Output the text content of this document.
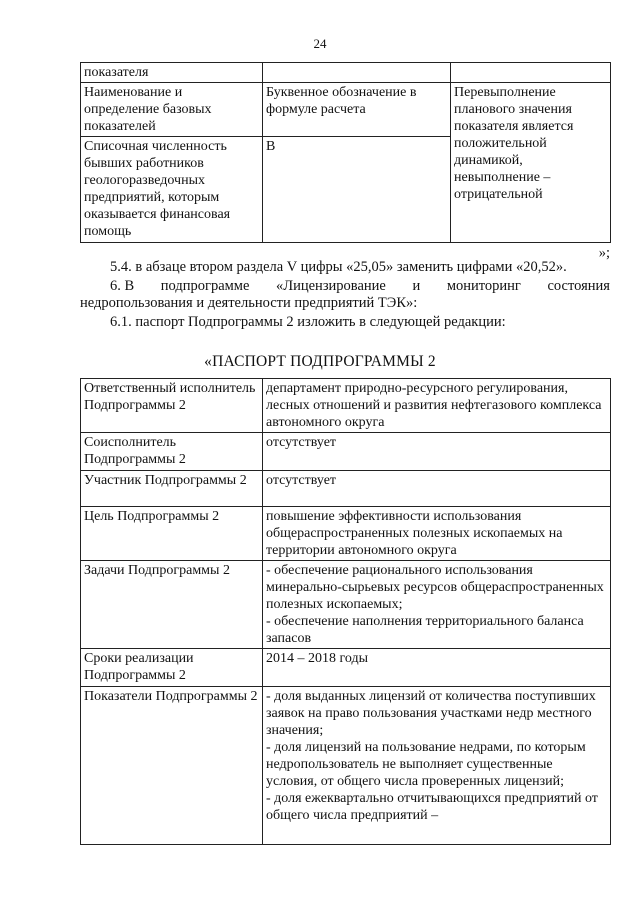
24
показателя		
Наименование и определение базовых показателей	Буквенное обозначение в формуле расчета	Перевыполнение планового значения показателя является положительной динамикой, невыполнение – отрицательной
Списочная численность бывших работников геологоразведочных предприятий, которым оказывается финансовая помощь	B	
»;
5.4. в абзаце втором раздела V цифры «25,05» заменить цифрами «20,52».
6. В подпрограмме «Лицензирование и мониторинг состояния
недропользования и деятельности предприятий ТЭК»:
6.1. паспорт Подпрограммы 2 изложить в следующей редакции:
«ПАСПОРТ ПОДПРОГРАММЫ 2
Ответственный исполнитель Подпрограммы 2	департамент природно-ресурсного регулирования, лесных отношений и развития нефтегазового комплекса автономного округа
Соисполнитель Подпрограммы 2	отсутствует
Участник Подпрограммы 2	отсутствует
Цель Подпрограммы 2	повышение эффективности использования общераспространенных полезных ископаемых на территории автономного округа
Задачи Подпрограммы 2	- обеспечение рационального использования минерально-сырьевых ресурсов общераспространенных полезных ископаемых;
- обеспечение наполнения территориального баланса запасов

Сроки реализации Подпрограммы 2	2014 – 2018 годы
Показатели Подпрограммы 2	- доля выданных лицензий от количества поступивших заявок на право пользования участками недр местного значения;
- доля лицензий на пользование недрами, по которым недропользователь не выполняет существенные условия, от общего числа проверенных лицензий;
- доля ежеквартально отчитывающихся предприятий от общего числа предприятий –
